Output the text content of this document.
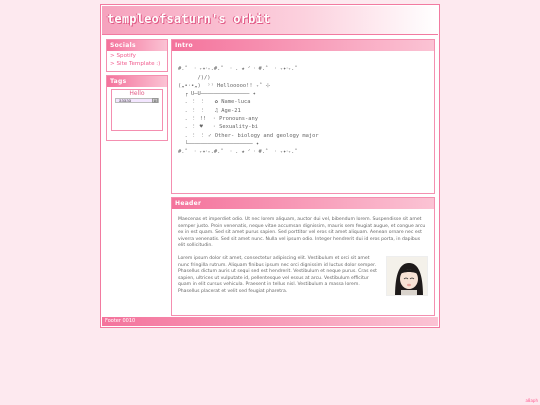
templeofsaturn's orbit
Socials
> Spotify
> Site Template :)
Tags
Hello
aaaaa	⊠
Intro

#.˚  ‧ ₊✦‧₊.#.˚  ‧ . ★ ᐟ ‧ #.˚  ‧ ₊✦‧₊.˚
/)/)
(„•·•„)  ⁾⁾ Hellooooo!! ₊˚ ⊹
┌ U─U─────────────── ✦
. ⋮ ⋮   ✿ Name-luca
. ⋮ ⋮   ♫ Age-21
. ⋮ !!  · Pronouns-any
. ⋮ ♥   · Sexuality-bi
. ⋮ ⋮ ✓ Other- biology and geology major
└──────────────────── ✦
#.˚  ‧ ₊✦‧₊.#.˚  ‧ . ★ ᐟ ‧ #.˚  ‧ ₊✦‧₊.˚

Header

Maecenas et imperdiet odio. Ut nec lorem aliquam, auctor dui vel, bibendum lorem. Suspendisse sit amet semper justo. Proin venenatis, neque vitae accumsan dignissim, mauris sem feugiat augue, et congue arcu ex in est quam. Sed sit amet purus sapien. Sed porttitor vel eros sit amet aliquam. Aenean ornare nec est viverra venenatis. Sed sit amet nunc. Nulla vel ipsum odio. Integer hendrerit dui id eros porta, in dapibus elit sollicitudin.

Lorem ipsum dolor sit amet, consectetur adipiscing elit. Vestibulum et orci sit amet nunc fringilla rutrum. Aliquam finibus ipsum nec orci dignissim id luctus dolor semper. Phasellus dictum auris ut sequi sed est hendrerit. Vestibulum et neque purus. Cras est sapien, ultrices ut vulputate id, pellentesque vel essus at arcu. Vestibulum efficitur quam in elit cursus vehicula. Praesent in tellus nisl. Vestibulum a massa lorem. Phasellus placerat et velit sed feugiat pharetra.

Footer 0010
a8aph
